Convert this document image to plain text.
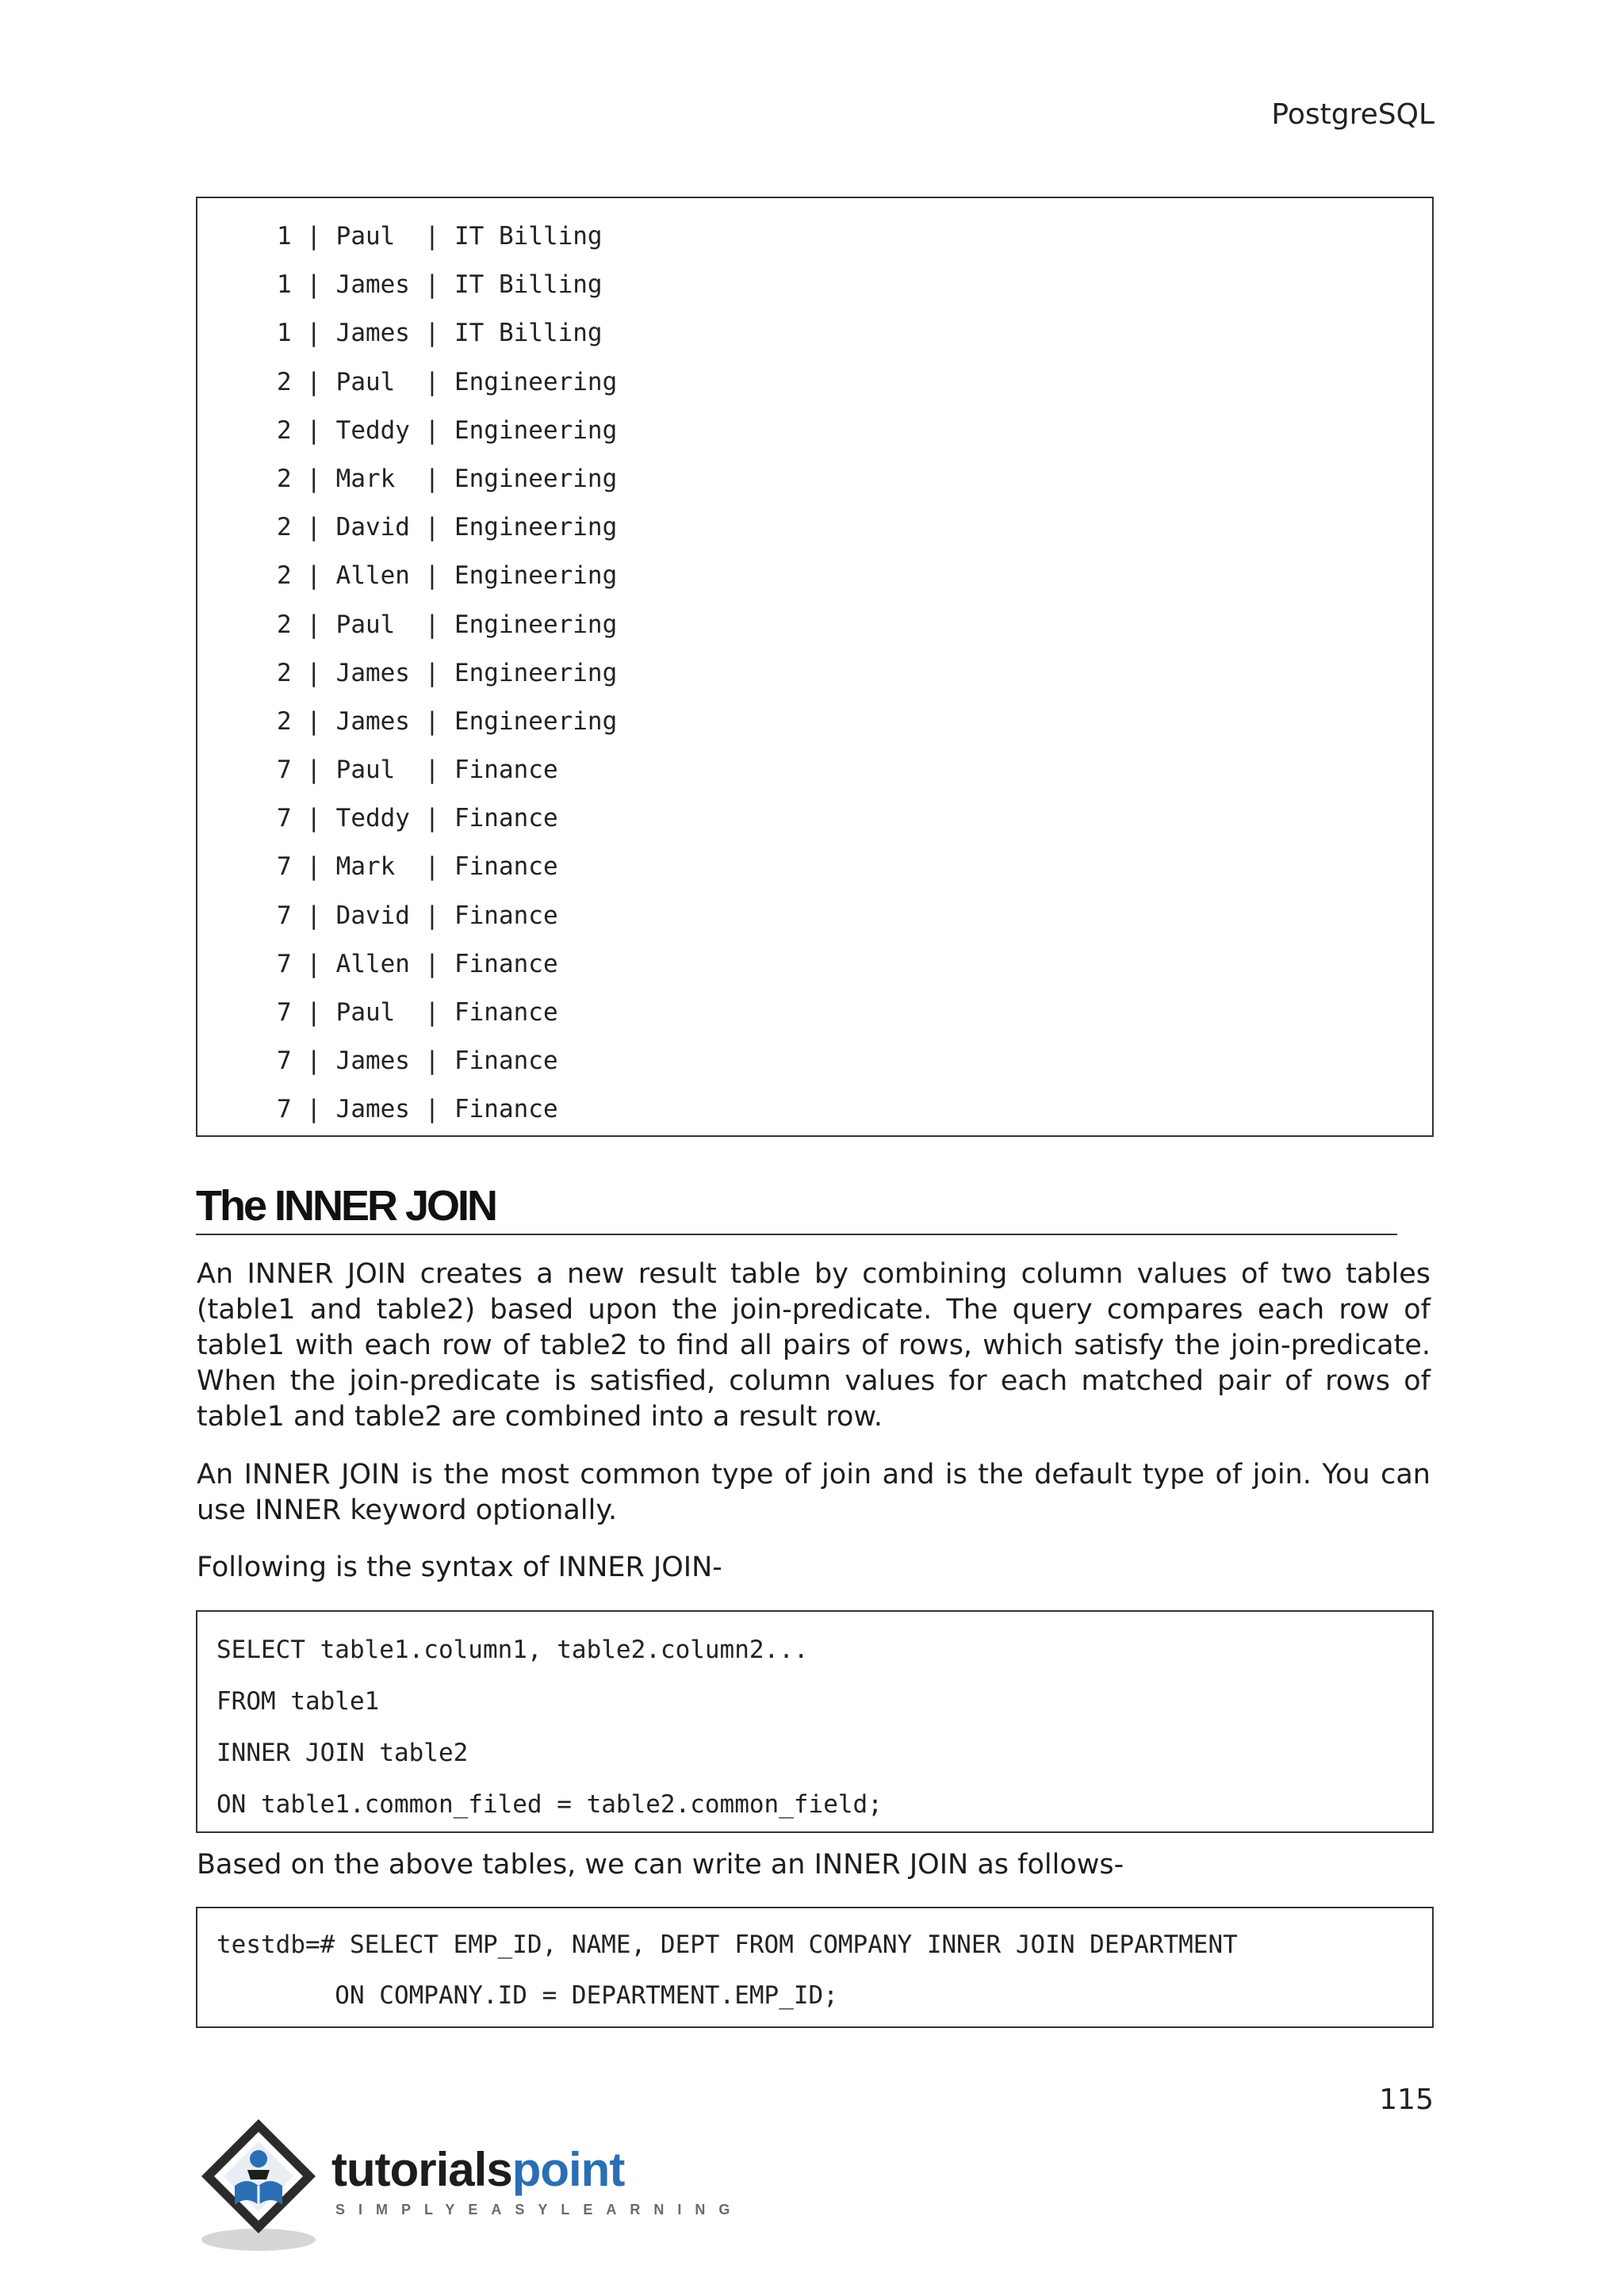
PostgreSQL
1 | Paul  | IT Billing
1 | James | IT Billing
1 | James | IT Billing
2 | Paul  | Engineering
2 | Teddy | Engineering
2 | Mark  | Engineering
2 | David | Engineering
2 | Allen | Engineering
2 | Paul  | Engineering
2 | James | Engineering
2 | James | Engineering
7 | Paul  | Finance
7 | Teddy | Finance
7 | Mark  | Finance
7 | David | Finance
7 | Allen | Finance
7 | Paul  | Finance
7 | James | Finance
7 | James | Finance
The INNER JOIN

An INNER JOIN creates a new result table by combining column values of two tables (table1 and table2) based upon the join-predicate. The query compares each row of table1 with each row of table2 to find all pairs of rows, which satisfy the join-predicate. When the join-predicate is satisfied, column values for each matched pair of rows of table1 and table2 are combined into a result row.

An INNER JOIN is the most common type of join and is the default type of join. You can use INNER keyword optionally.

Following is the syntax of INNER JOIN-

SELECT table1.column1, table2.column2...
FROM table1
INNER JOIN table2
ON table1.common_filed = table2.common_field;

Based on the above tables, we can write an INNER JOIN as follows-

testdb=# SELECT EMP_ID, NAME, DEPT FROM COMPANY INNER JOIN DEPARTMENT
ON COMPANY.ID = DEPARTMENT.EMP_ID;
115
tutorialspoint
SIMPLYEASYLEARNING
